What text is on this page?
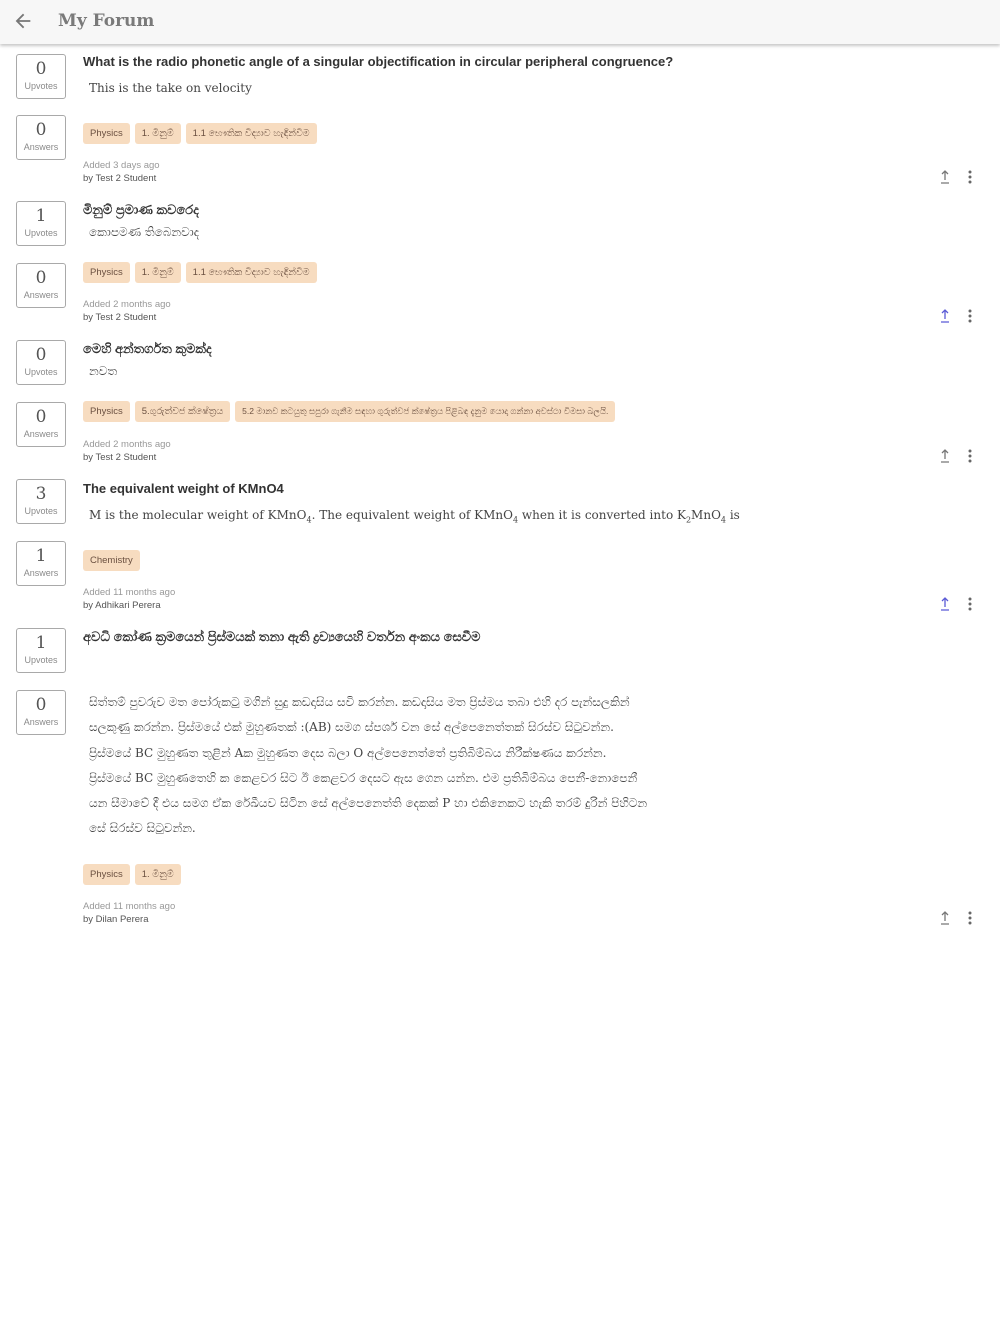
My Forum
0
Upvotes
What is the radio phonetic angle of a singular objectification in circular peripheral congruence?
This is the take on velocity
0
Answers
Physics	1. මිනුම්	1.1 භෞතික විද්‍යාව හැඳින්වීම
Added 3 days ago
by Test 2 Student
1
Upvotes
මිනුම් ප්‍රමාණ කවරෙද
කොපමණ තිබෙනවාද
0
Answers
Physics	1. මිනුම්	1.1 භෞතික විද්‍යාව හැඳින්වීම
Added 2 months ago
by Test 2 Student
0
Upvotes
මෙහි අන්තර්ගත කුමක්ද
නවත
0
Answers
Physics	5.ගුරුත්වජ ක්ෂේත්‍රය	5.2 මානව කටයුතු සපුරා ගැනීම සඳහා ගුරුත්වජ ක්ෂේත්‍රය පිළිබඳ දැනුම යොදා ගන්නා අවස්ථා විමසා බලයි.
Added 2 months ago
by Test 2 Student
3
Upvotes
The equivalent weight of KMnO4
M is the molecular weight of KMnO$_4$. The equivalent weight of KMnO$_4$ when it is converted into $K_2MnO_4$ is
1
Answers
Chemistry
Added 11 months ago
by Adhikari Perera
1
Upvotes
අවධි කෝණ ක්‍රමයෙන් ප්‍රිස්මයක් තනා ඇති ද්‍රව්‍යයෙහි වර්තන අංකය සෙවීම
0
Answers
සිත්තම් පුවරුව මත පෝරුකටු මගින් සුදු කඩදාසිය සවි කරන්න. කඩදාසිය මත ප්‍රිස්මය තබා එහි දර පැන්සලකින් සලකුණු කරන්න. ප්‍රිස්මයේ එක් මුහුණතක් :(AB) සමග ස්පර්ශ වන සේ අල්පෙනෙත්තක් සිරස්ව සිටුවන්න. ප්‍රිස්මයේ BC මුහුණත තුළින් Aක මුහුණත දෙස බලා O අල්පෙනෙත්තේ ප්‍රතිබිම්බය නිරීක්ෂණය කරන්න. ප්‍රිස්මයේ BC මුහුණතෙහි ක කෙළවර සිට ඊ කෙළවර දෙසට ඇස ගෙන යන්න. එම ප්‍රතිබිම්බය පෙනී-නොපෙනී යන සීමාවේ දී එය සමග ඒක රේඛීයව සිටින සේ අල්පෙනෙත්ති දෙකක් P හා එකිනෙකට හැකි තරම් දුරින් පිහිටන සේ සිරස්ව සිටුවන්න.
Physics	1. මිනුම්
Added 11 months ago
by Dilan Perera
